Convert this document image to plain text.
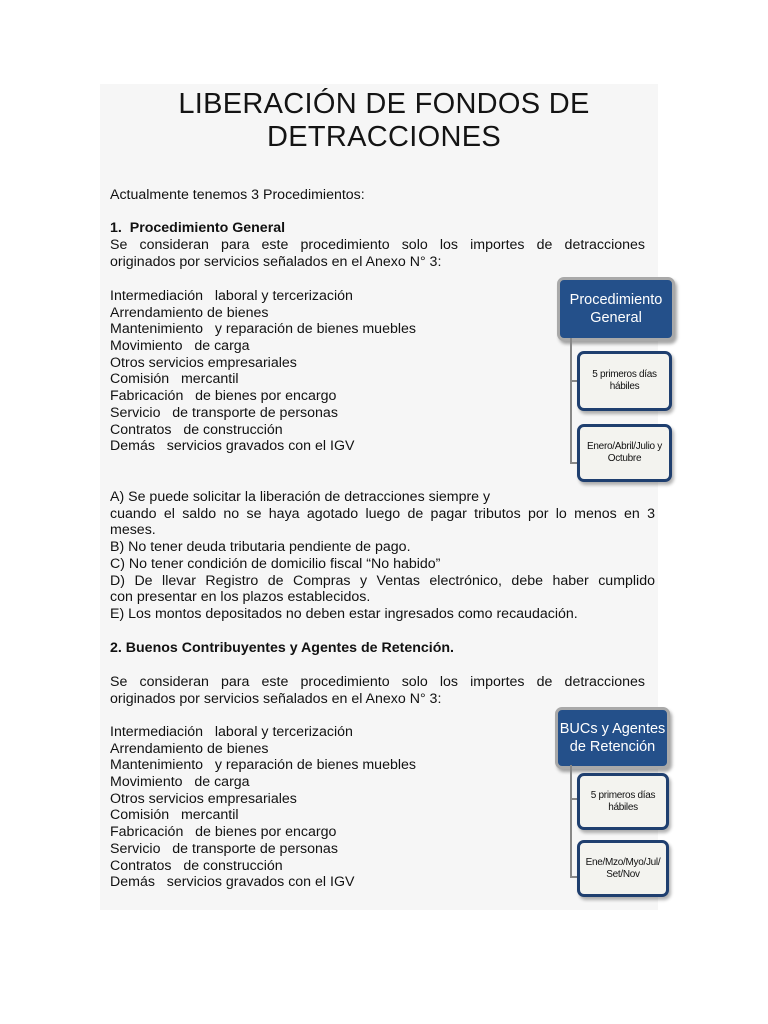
LIBERACIÓN DE FONDOS DE
DETRACCIONES
Actualmente tenemos 3 Procedimientos:
1. Procedimiento General
Se consideran para este procedimiento solo los importes de detracciones
originados por servicios señalados en el Anexo N° 3:
Intermediación   laboral y tercerización
Arrendamiento de bienes
Mantenimiento   y reparación de bienes muebles
Movimiento   de carga
Otros servicios empresariales
Comisión   mercantil
Fabricación   de bienes por encargo
Servicio   de transporte de personas
Contratos   de construcción
Demás   servicios gravados con el IGV
A) Se puede solicitar la liberación de detracciones siempre y
cuando el saldo no se haya agotado luego de pagar tributos por lo menos en 3
meses.
B) No tener deuda tributaria pendiente de pago.
C) No tener condición de domicilio fiscal “No habido”
D) De llevar Registro de Compras y Ventas electrónico, debe haber cumplido
con presentar en los plazos establecidos.
E) Los montos depositados no deben estar ingresados como recaudación.
Procedimiento General
5 primeros días hábiles
Enero/Abril/Julio y Octubre
2. Buenos Contribuyentes y Agentes de Retención.
Se consideran para este procedimiento solo los importes de detracciones
originados por servicios señalados en el Anexo N° 3:
Intermediación   laboral y tercerización
Arrendamiento de bienes
Mantenimiento   y reparación de bienes muebles
Movimiento   de carga
Otros servicios empresariales
Comisión   mercantil
Fabricación   de bienes por encargo
Servicio   de transporte de personas
Contratos   de construcción
Demás   servicios gravados con el IGV
BUCs y Agentes de Retención
5 primeros días hábiles
Ene/Mzo/Myo/Jul/ Set/Nov
